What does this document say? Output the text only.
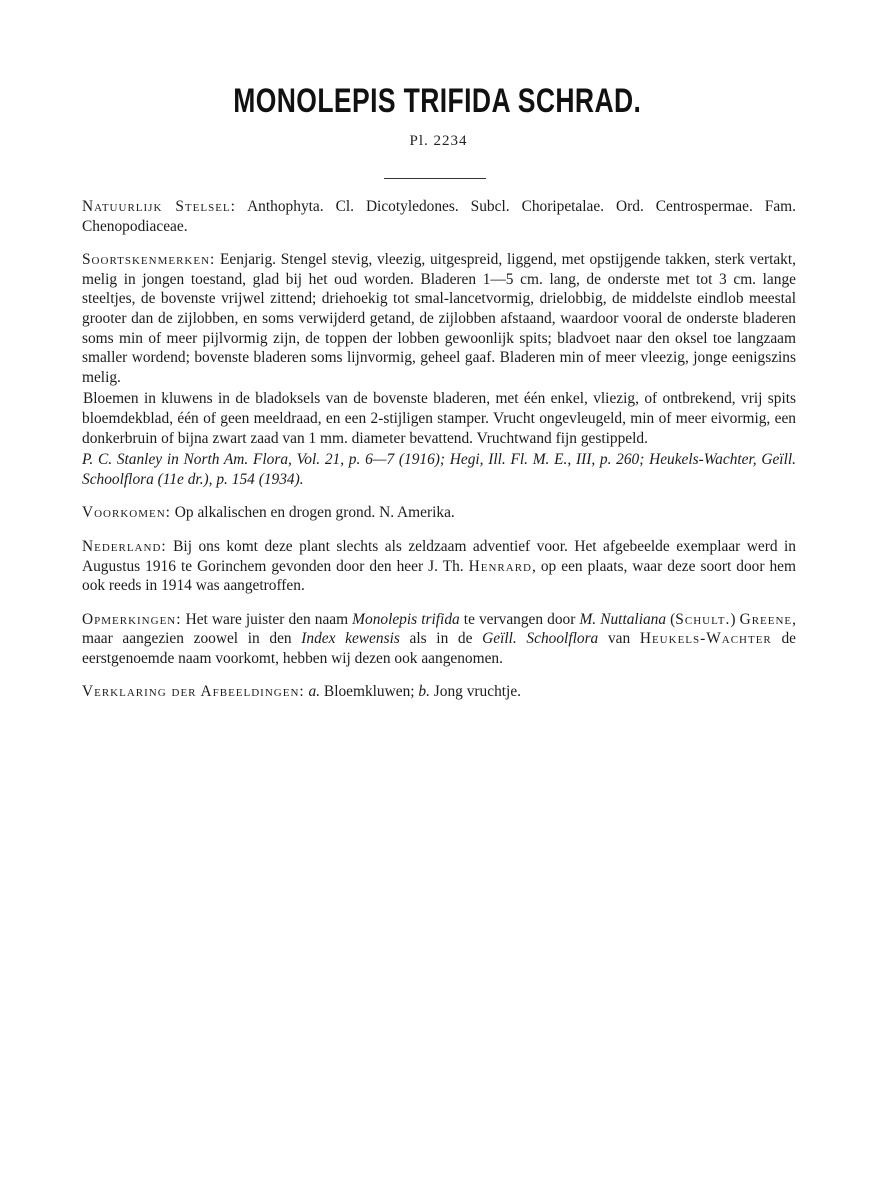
MONOLEPIS TRIFIDA SCHRAD.
Pl. 2234

Natuurlijk Stelsel: Anthophyta. Cl. Dicotyledones. Subcl. Choripetalae. Ord. Centrospermae. Fam. Chenopodiaceae.

Soortskenmerken: Eenjarig. Stengel stevig, vleezig, uitgespreid, liggend, met opstijgende takken, sterk vertakt, melig in jongen toestand, glad bij het oud worden. Bladeren 1—5 cm. lang, de onderste met tot 3 cm. lange steeltjes, de bovenste vrijwel zittend; driehoekig tot smal-lancetvormig, drielobbig, de middelste eindlob meestal grooter dan de zijlobben, en soms verwijderd getand, de zijlobben afstaand, waardoor vooral de onderste bladeren soms min of meer pijlvormig zijn, de toppen der lobben gewoonlijk spits; bladvoet naar den oksel toe langzaam smaller wordend; bovenste bladeren soms lijnvormig, geheel gaaf. Bladeren min of meer vleezig, jonge eenigszins melig.

Bloemen in kluwens in de bladoksels van de bovenste bladeren, met één enkel, vliezig, of ontbrekend, vrij spits bloemdekblad, één of geen meeldraad, en een 2-stijligen stamper. Vrucht ongevleugeld, min of meer eivormig, een donkerbruin of bijna zwart zaad van 1 mm. diameter bevattend. Vruchtwand fijn gestippeld.

P. C. Stanley in North Am. Flora, Vol. 21, p. 6—7 (1916); Hegi, Ill. Fl. M. E., III, p. 260; Heukels-Wachter, Geïll. Schoolflora (11e dr.), p. 154 (1934).

Voorkomen: Op alkalischen en drogen grond. N. Amerika.

Nederland: Bij ons komt deze plant slechts als zeldzaam adventief voor. Het afgebeelde exemplaar werd in Augustus 1916 te Gorinchem gevonden door den heer J. Th. Henrard, op een plaats, waar deze soort door hem ook reeds in 1914 was aangetroffen.

Opmerkingen: Het ware juister den naam Monolepis trifida te vervangen door M. Nuttaliana (Schult.) Greene, maar aangezien zoowel in den Index kewensis als in de Geïll. Schoolflora van Heukels-Wachter de eerstgenoemde naam voorkomt, hebben wij dezen ook aangenomen.

Verklaring der Afbeeldingen: a. Bloemkluwen; b. Jong vruchtje.
